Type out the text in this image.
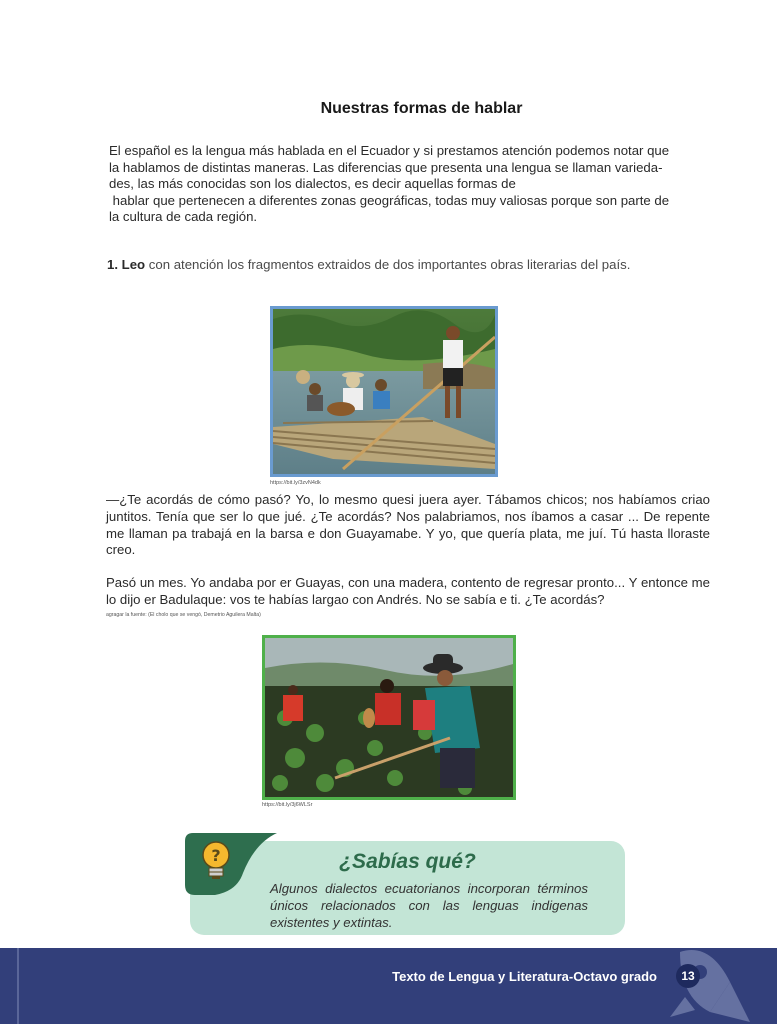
Nuestras formas de hablar

El español es la lengua más hablada en el Ecuador y si prestamos atención podemos notar que

la hablamos de distintas maneras. Las diferencias que presenta una lengua se llaman varieda-

des, las más conocidas son los dialectos, es decir aquellas formas de

hablar que pertenecen a diferentes zonas geográficas, todas muy valiosas porque son parte de

la cultura de cada región.

1. Leo con atención los fragmentos extraidos de dos importantes obras literarias del país.
https://bit.ly/3zvN4dk
—¿Te acordás de cómo pasó? Yo, lo mesmo quesi juera ayer. Tábamos chicos; nos habíamos criao juntitos. Tenía que ser lo que jué. ¿Te acordás? Nos palabriamos, nos íbamos a casar ... De repente me llaman pa trabajá en la barsa e don Guayamabe. Y yo, que quería plata, me juí. Tú hasta lloraste creo.
Pasó un mes. Yo andaba por er Guayas, con una madera, contento de regresar pronto... Y entonce me lo dijo er Badulaque: vos te habías largao con Andrés. No se sabía e ti. ¿Te acordás?
agragar la fuente: (El cholo que se vengó, Demetrio Aguilera Malta)
https://bit.ly/3j6WLSr
?	¿Sabías qué?
Algunos dialectos ecuatorianos incorporan términos únicos relacionados con las lenguas indigenas existentes y extintas.
Texto de Lengua y Literatura-Octavo grado	13
